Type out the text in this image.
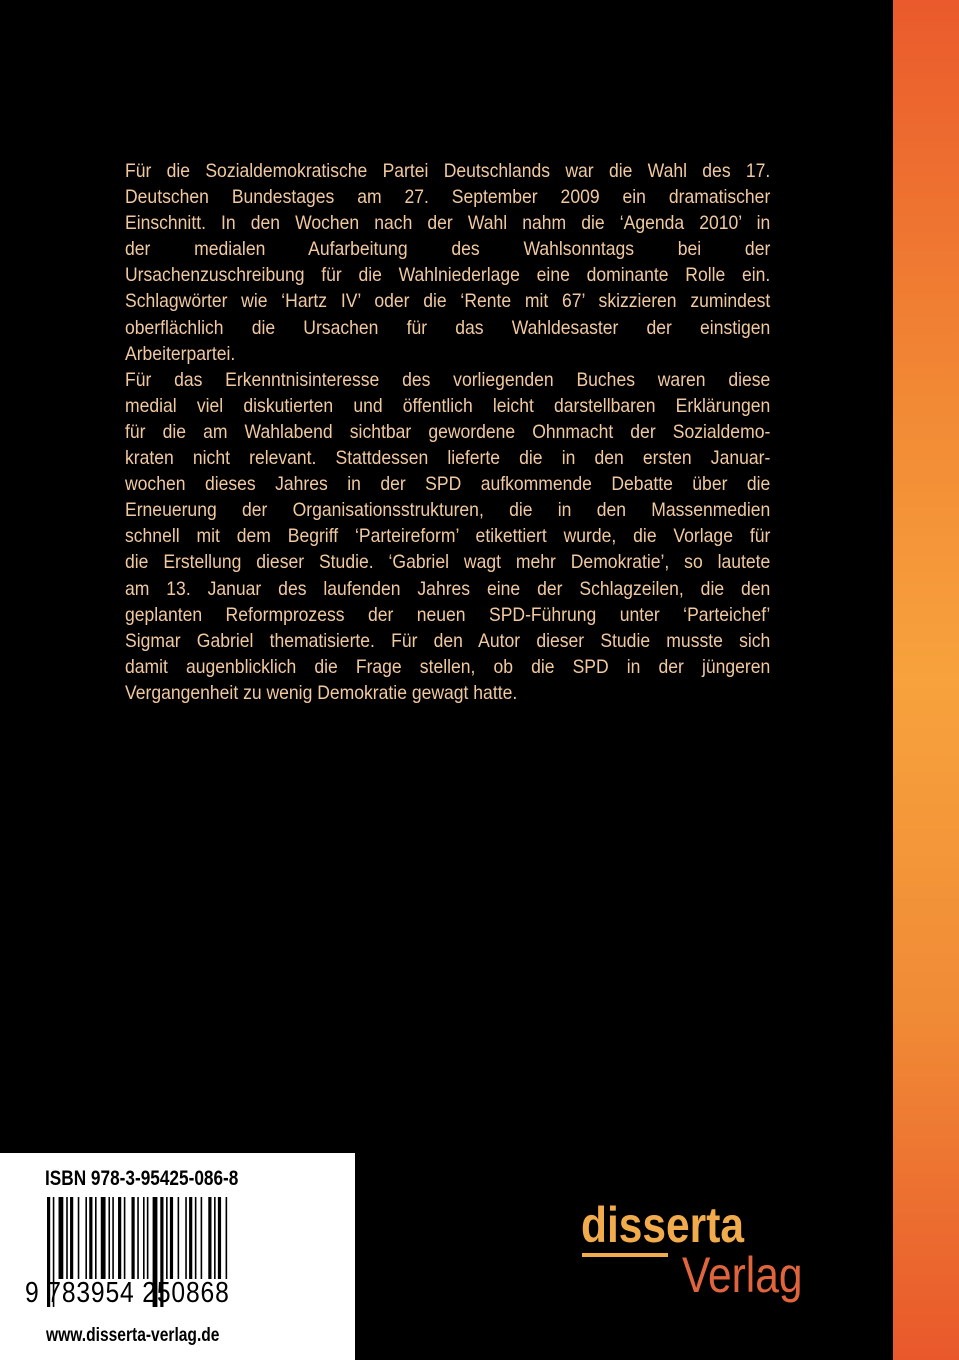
Für die Sozialdemokratische Partei Deutschlands war die Wahl des 17.
Deutschen Bundestages am 27. September 2009 ein dramatischer
Einschnitt. In den Wochen nach der Wahl nahm die ‘Agenda 2010’ in
der medialen Aufarbeitung des Wahlsonntags bei der
Ursachenzuschreibung für die Wahlniederlage eine dominante Rolle ein.
Schlagwörter wie ‘Hartz IV’ oder die ‘Rente mit 67’ skizzieren zumindest
oberflächlich die Ursachen für das Wahldesaster der einstigen
Arbeiterpartei.
Für das Erkenntnisinteresse des vorliegenden Buches waren diese
medial viel diskutierten und öffentlich leicht darstellbaren Erklärungen
für die am Wahlabend sichtbar gewordene Ohnmacht der Sozialdemo-
kraten nicht relevant. Stattdessen lieferte die in den ersten Januar-
wochen dieses Jahres in der SPD aufkommende Debatte über die
Erneuerung der Organisationsstrukturen, die in den Massenmedien
schnell mit dem Begriff ‘Parteireform’ etikettiert wurde, die Vorlage für
die Erstellung dieser Studie. ‘Gabriel wagt mehr Demokratie’, so lautete
am 13. Januar des laufenden Jahres eine der Schlagzeilen, die den
geplanten Reformprozess der neuen SPD-Führung unter ‘Parteichef’
Sigmar Gabriel thematisierte. Für den Autor dieser Studie musste sich
damit augenblicklich die Frage stellen, ob die SPD in der jüngeren
Vergangenheit zu wenig Demokratie gewagt hatte.
ISBN 978-3-95425-086-8
9 783954 250868
www.disserta-verlag.de
disserta
Verlag
